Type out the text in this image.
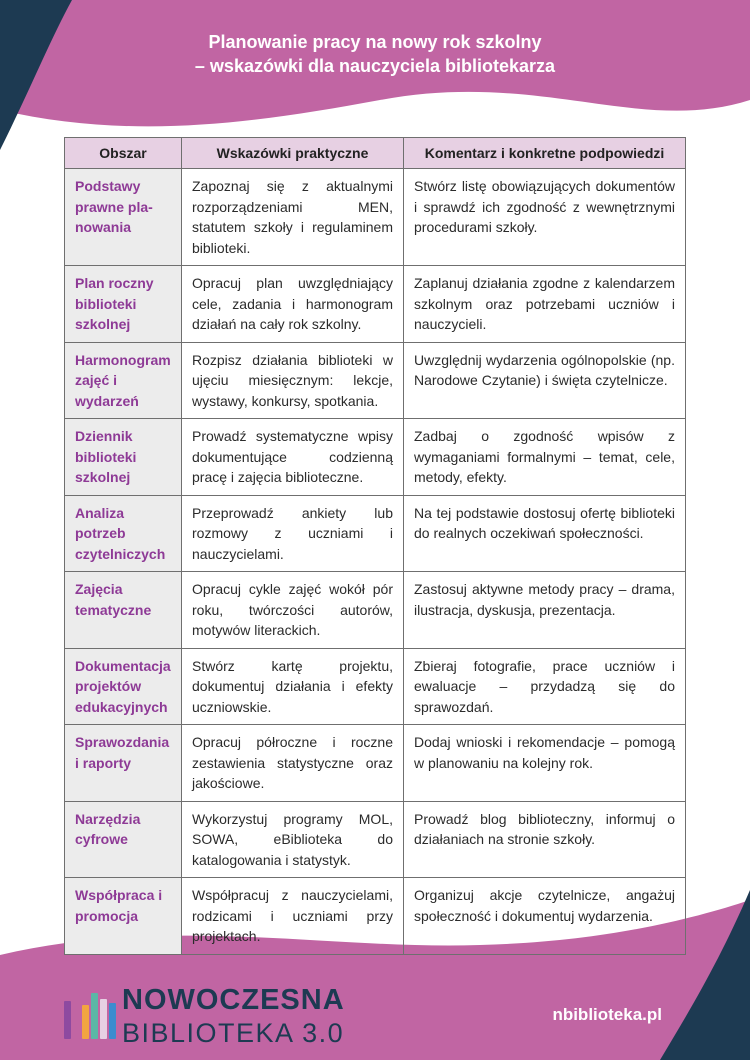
Planowanie pracy na nowy rok szkolny
– wskazówki dla nauczyciela bibliotekarza
Obszar	Wskazówki praktyczne	Komentarz i konkretne podpowiedzi
Podstawy prawne pla-nowania	Zapoznaj się z aktualnymi rozporządzeniami MEN, statutem szkoły i regulaminem biblioteki.	Stwórz listę obowiązujących dokumentów i sprawdź ich zgodność z wewnętrznymi procedurami szkoły.
Plan roczny biblioteki szkolnej	Opracuj plan uwzględniający cele, zadania i harmonogram działań na cały rok szkolny.	Zaplanuj działania zgodne z kalendarzem szkolnym oraz potrzebami uczniów i nauczycieli.
Harmonogram zajęć i wydarzeń	Rozpisz działania biblioteki w ujęciu miesięcznym: lekcje, wystawy, konkursy, spotkania.	Uwzględnij wydarzenia ogólnopolskie (np. Narodowe Czytanie) i święta czytelnicze.
Dziennik biblioteki szkolnej	Prowadź systematyczne wpisy dokumentujące codzienną pracę i zajęcia biblioteczne.	Zadbaj o zgodność wpisów z wymaganiami formalnymi – temat, cele, metody, efekty.
Analiza potrzeb czytelniczych	Przeprowadź ankiety lub rozmowy z uczniami i nauczycielami.	Na tej podstawie dostosuj ofertę biblioteki do realnych oczekiwań społeczności.
Zajęcia tematyczne	Opracuj cykle zajęć wokół pór roku, twórczości autorów, motywów literackich.	Zastosuj aktywne metody pracy – drama, ilustracja, dyskusja, prezentacja.
Dokumentacja projektów edukacyjnych	Stwórz kartę projektu, dokumentuj działania i efekty uczniowskie.	Zbieraj fotografie, prace uczniów i ewaluacje – przydadzą się do sprawozdań.
Sprawozdania i raporty	Opracuj półroczne i roczne zestawienia statystyczne oraz jakościowe.	Dodaj wnioski i rekomendacje – pomogą w planowaniu na kolejny rok.
Narzędzia cyfrowe	Wykorzystuj programy MOL, SOWA, eBiblioteka do katalogowania i statystyk.	Prowadź blog biblioteczny, informuj o działaniach na stronie szkoły.
Współpraca i promocja	Współpracuj z nauczycielami, rodzicami i uczniami przy projektach.	Organizuj akcje czytelnicze, angażuj społeczność i dokumentuj wydarzenia.
NOWOCZESNA
BIBLIOTEKA 3.0
nbiblioteka.pl
